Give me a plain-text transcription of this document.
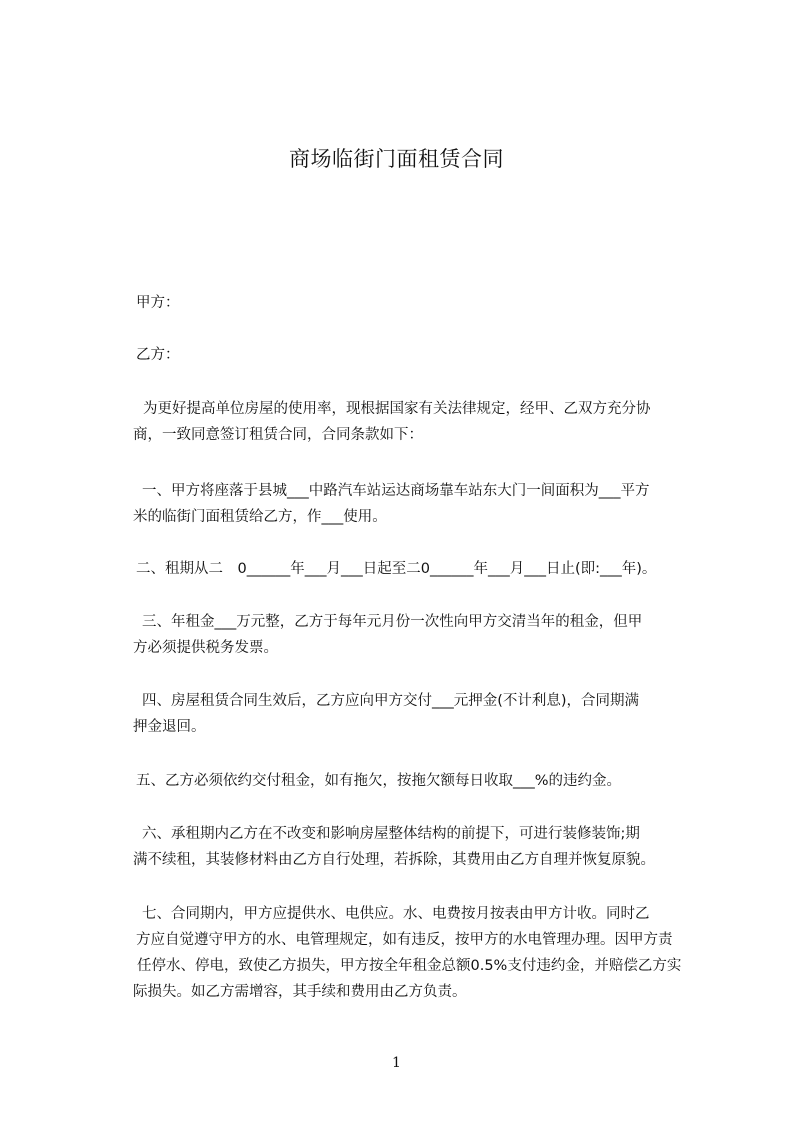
商场临街门面租赁合同
甲方：
乙方：
为更好提高单位房屋的使用率，现根据国家有关法律规定，经甲、乙双方充分协
商，一致同意签订租赁合同，合同条款如下：
一、甲方将座落于县城___中路汽车站运达商场靠车站东大门一间面积为___平方
米的临街门面租赁给乙方，作___使用。
二、租期从二　0______年___月___日起至二0______年___月___日止(即:___年)。
三、年租金___万元整，乙方于每年元月份一次性向甲方交清当年的租金，但甲
方必须提供税务发票。
四、房屋租赁合同生效后，乙方应向甲方交付___元押金(不计利息)，合同期满
押金退回。
五、乙方必须依约交付租金，如有拖欠，按拖欠额每日收取___%的违约金。
六、承租期内乙方在不改变和影响房屋整体结构的前提下，可进行装修装饰;期
满不续租，其装修材料由乙方自行处理，若拆除，其费用由乙方自理并恢复原貌。
七、合同期内，甲方应提供水、电供应。水、电费按月按表由甲方计收。同时乙
方应自觉遵守甲方的水、电管理规定，如有违反，按甲方的水电管理办理。因甲方责
任停水、停电，致使乙方损失，甲方按全年租金总额0.5%支付违约金，并赔偿乙方实
际损失。如乙方需增容，其手续和费用由乙方负责。
1
